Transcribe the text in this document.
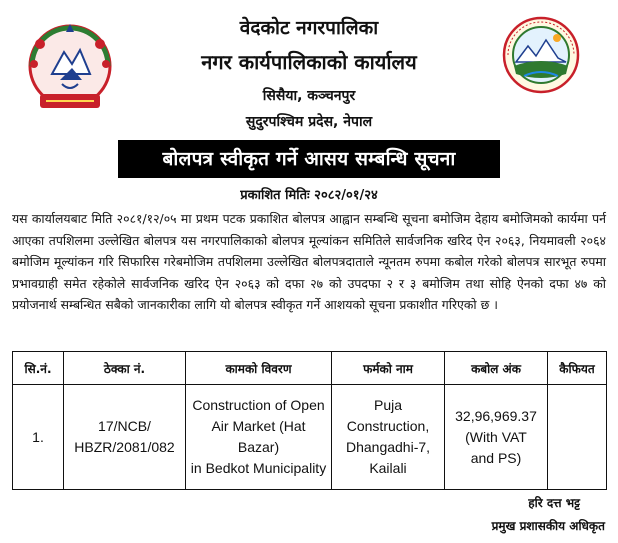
वेदकोट नगरपालिका
नगर कार्यपालिकाको कार्यालय
सिसैया, कञ्चनपुर
सुदुरपश्चिम प्रदेस, नेपाल
बोलपत्र स्वीकृत गर्ने आसय सम्बन्धि सूचना
प्रकाशित मितिः २०८२/०१/२४
यस कार्यालयबाट मिति २०८१/१२/०५ मा प्रथम पटक प्रकाशित बोलपत्र आह्वान सम्बन्धि सूचना बमोजिम देहाय बमोजिमको कार्यमा पर्न आएका तपशिलमा उल्लेखित बोलपत्र यस नगरपालिकाको बोलपत्र मूल्यांकन समितिले सार्वजनिक खरिद ऐन २०६३, नियमावली २०६४ बमोजिम मूल्यांकन गरि सिफारिस गरेबमोजिम तपशिलमा उल्लेखित बोलपत्रदाताले न्यूनतम रुपमा कबोल गरेको बोलपत्र सारभूत रुपमा प्रभावग्राही समेत रहेकोले सार्वजनिक खरिद ऐन २०६३ को दफा २७ को उपदफा २ र ३ बमोजिम तथा सोहि ऐनको दफा ४७ को प्रयोजनार्थ सम्बन्धित सबैको जानकारीका लागि यो बोलपत्र स्वीकृत गर्ने आशयको सूचना प्रकाशीत गरिएको छ ।
सि.नं.	ठेक्का नं.	कामको विवरण	फर्मको नाम	कबोल अंक	कैफियत
1.	17/NCB/
HBZR/2081/082	Construction of Open
Air Market (Hat Bazar)
in Bedkot Municipality	Puja Construction,
Dhangadhi-7,
Kailali	32,96,969.37
(With VAT
and PS)	
हरि दत्त भट्ट
प्रमुख प्रशासकीय अधिकृत
